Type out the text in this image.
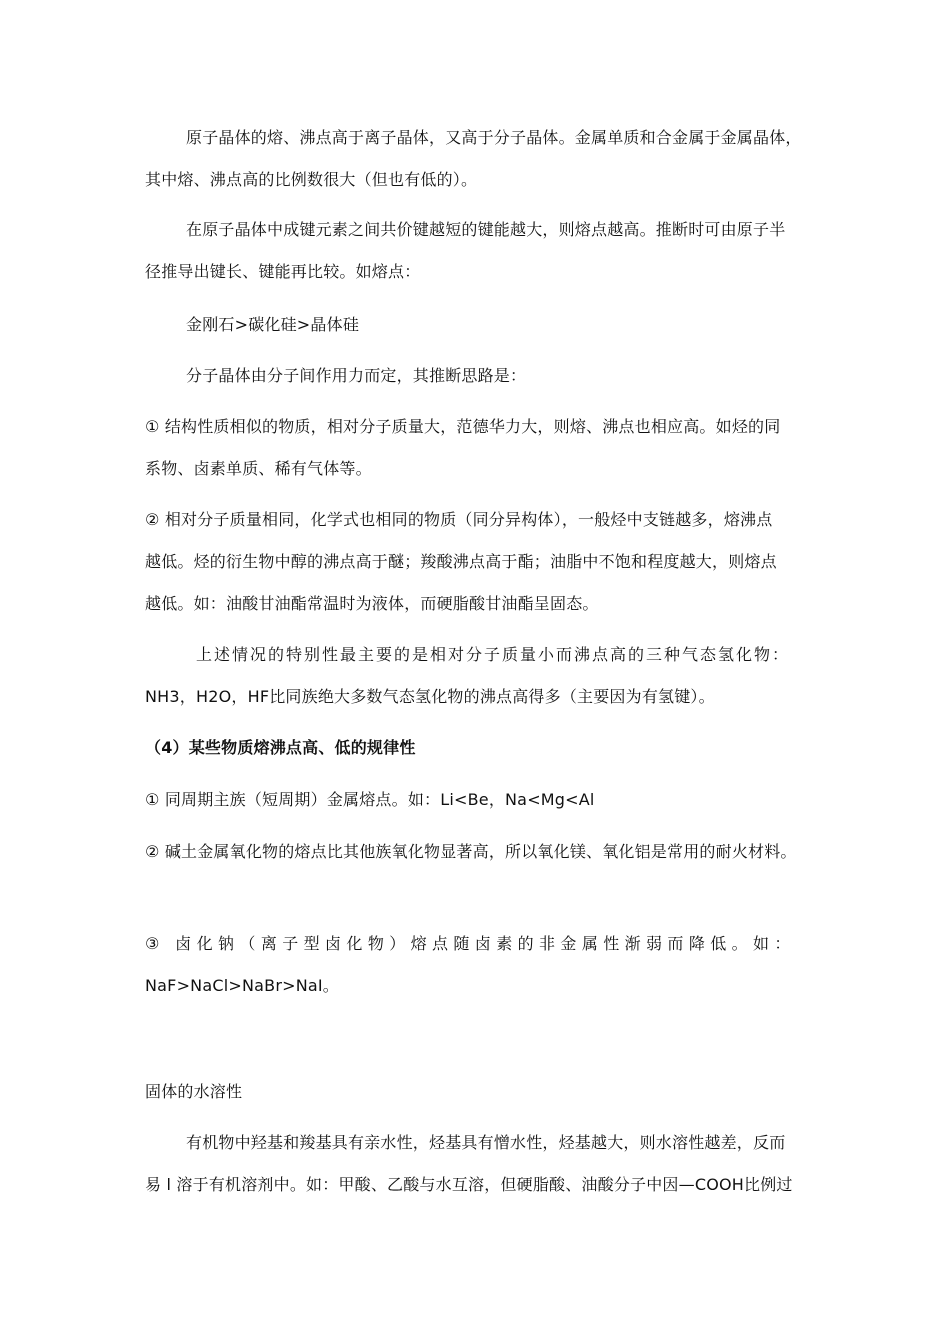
原子晶体的熔、沸点高于离子晶体，又高于分子晶体。金属单质和合金属于金属晶体，
其中熔、沸点高的比例数很大（但也有低的）。
在原子晶体中成键元素之间共价键越短的键能越大，则熔点越高。推断时可由原子半
径推导出键长、键能再比较。如熔点：
金刚石>碳化硅>晶体硅
分子晶体由分子间作用力而定，其推断思路是：
① 结构性质相似的物质，相对分子质量大，范德华力大，则熔、沸点也相应高。如烃的同
系物、卤素单质、稀有气体等。
② 相对分子质量相同，化学式也相同的物质（同分异构体），一般烃中支链越多，熔沸点
越低。烃的衍生物中醇的沸点高于醚；羧酸沸点高于酯；油脂中不饱和程度越大，则熔点
越低。如：油酸甘油酯常温时为液体，而硬脂酸甘油酯呈固态。
上述情况的特别性最主要的是相对分子质量小而沸点高的三种气态氢化物：
NH3，H2O，HF比同族绝大多数气态氢化物的沸点高得多（主要因为有氢键）。
（4）某些物质熔沸点高、低的规律性
① 同周期主族（短周期）金属熔点。如：Li<Be，Na<Mg<Al
② 碱土金属氧化物的熔点比其他族氧化物显著高，所以氧化镁、氧化铝是常用的耐火材料。
③ 卤化钠（离子型卤化物）熔点随卤素的非金属性渐弱而降低。如：
NaF>NaCl>NaBr>NaI。
固体的水溶性
有机物中羟基和羧基具有亲水性，烃基具有憎水性，烃基越大，则水溶性越差，反而
易 l 溶于有机溶剂中。如：甲酸、乙酸与水互溶，但硬脂酸、油酸分子中因—COOH比例过
